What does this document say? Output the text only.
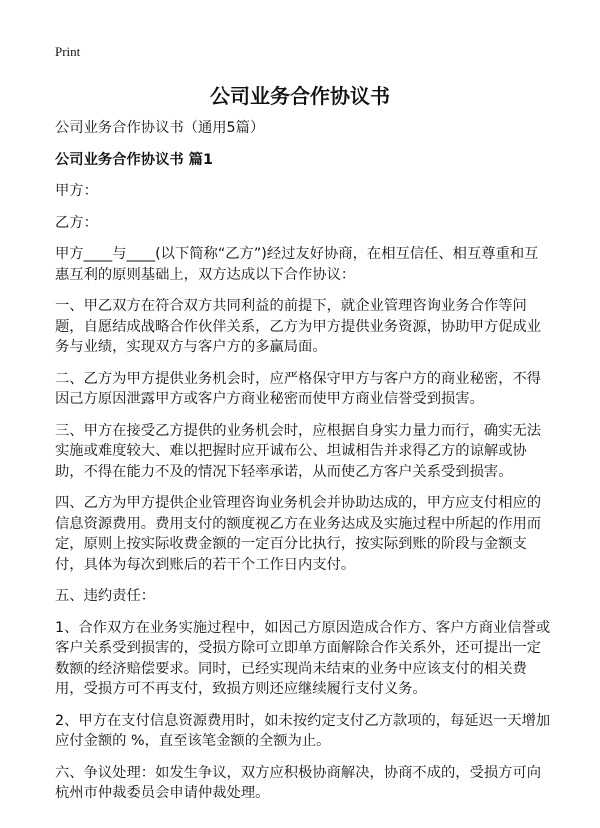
Print
公司业务合作协议书

公司业务合作协议书（通用5篇）

公司业务合作协议书 篇1

甲方：

乙方：

甲方____与____(以下简称“乙方”)经过友好协商，在相互信任、相互尊重和互惠互利的原则基础上，双方达成以下合作协议：

一、甲乙双方在符合双方共同利益的前提下，就企业管理咨询业务合作等问题，自愿结成战略合作伙伴关系，乙方为甲方提供业务资源，协助甲方促成业务与业绩，实现双方与客户方的多赢局面。

二、乙方为甲方提供业务机会时，应严格保守甲方与客户方的商业秘密，不得因己方原因泄露甲方或客户方商业秘密而使甲方商业信誉受到损害。

三、甲方在接受乙方提供的业务机会时，应根据自身实力量力而行，确实无法实施或难度较大、难以把握时应开诚布公、坦诚相告并求得乙方的谅解或协助，不得在能力不及的情况下轻率承诺，从而使乙方客户关系受到损害。

四、乙方为甲方提供企业管理咨询业务机会并协助达成的，甲方应支付相应的信息资源费用。费用支付的额度视乙方在业务达成及实施过程中所起的作用而定，原则上按实际收费金额的一定百分比执行，按实际到账的阶段与金额支付，具体为每次到账后的若干个工作日内支付。

五、违约责任：

1、合作双方在业务实施过程中，如因己方原因造成合作方、客户方商业信誉或客户关系受到损害的，受损方除可立即单方面解除合作关系外，还可提出一定数额的经济赔偿要求。同时，已经实现尚未结束的业务中应该支付的相关费用，受损方可不再支付，致损方则还应继续履行支付义务。

2、甲方在支付信息资源费用时，如未按约定支付乙方款项的，每延迟一天增加应付金额的 %，直至该笔金额的全额为止。

六、争议处理：如发生争议，双方应积极协商解决，协商不成的，受损方可向杭州市仲裁委员会申请仲裁处理。
